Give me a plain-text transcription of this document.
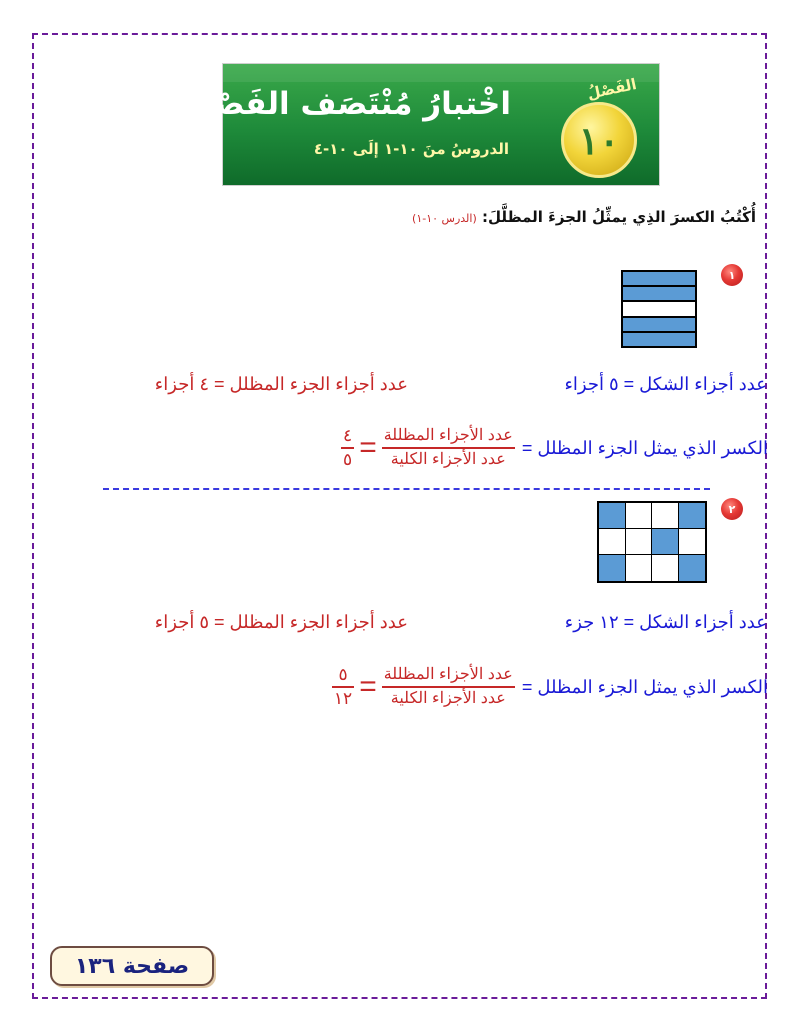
الفَصْلُ
١٠
اخْتبارُ مُنْتَصَف الفَصْلِ
الدروسُ منَ ١٠-١ إلَى ١٠-٤
أُكْتُبُ الكسرَ الذِي يمثِّلُ الجزءَ المظلَّلَ: (الدرس ١٠-١)
١
عدد أجزاء الشكل = ٥ أجزاء
عدد أجزاء الجزء المظلل = ٤ أجزاء
الكسر الذي يمثل الجزء المظلل =
$\frac{\text{عدد الأجزاء المظللة}}{\text{عدد الأجزاء الكلية}}$
=
$\frac{٤}{٥}$
٢
عدد أجزاء الشكل = ١٢ جزء
عدد أجزاء الجزء المظلل = ٥ أجزاء
الكسر الذي يمثل الجزء المظلل =
$\frac{\text{عدد الأجزاء المظللة}}{\text{عدد الأجزاء الكلية}}$
=
$\frac{٥}{١٢}$
صفحة ١٣٦
